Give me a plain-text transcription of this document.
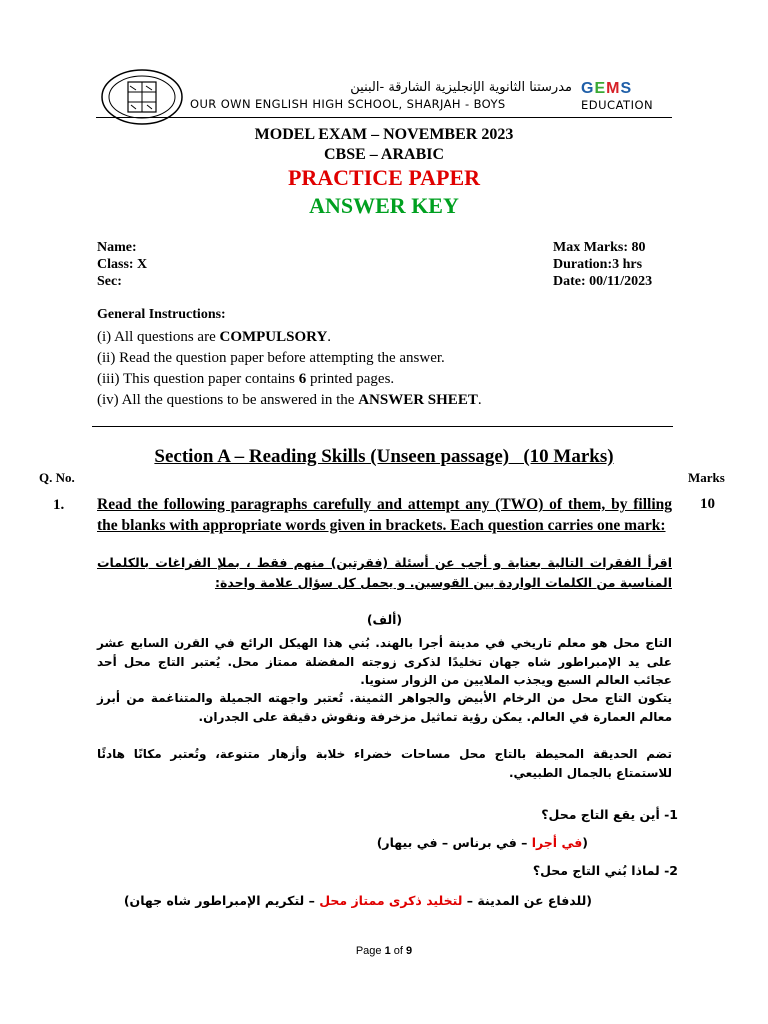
مدرستنا الثانوية الإنجليزية الشارقة -البنين
OUR OWN ENGLISH HIGH SCHOOL, SHARJAH - BOYS
GEMS
EDUCATION
MODEL EXAM – NOVEMBER 2023
CBSE – ARABIC
PRACTICE PAPER
ANSWER KEY
Name:
Class: X
Sec:
Max Marks: 80
Duration:3 hrs
Date: 00/11/2023
General Instructions:
(i) All questions are COMPULSORY.
(ii) Read the question paper before attempting the answer.
(iii) This question paper contains 6 printed pages.
(iv) All the questions to be answered in the ANSWER SHEET.
Section A – Reading Skills (Unseen passage)   (10 Marks)
Q. No.	Marks
1.	10
Read the following paragraphs carefully and attempt any (TWO) of them, by filling the blanks with appropriate words given in brackets. Each question carries one mark:
اقرأ الفقرات التالية بعناية و أجب عن أسئلة (فقرتين) منهم فقط ، بملإ الفراغات بالكلمات المناسبة من الكلمات الواردة بين القوسين. و يحمل كل سؤال علامة واحدة:
(ألف)
التاج محل هو معلم تاريخي في مدينة أجرا بالهند. بُني هذا الهيكل الرائع في القرن السابع عشر على يد الإمبراطور شاه جهان تخليدًا لذكرى زوجته المفضلة ممتاز محل. يُعتبر التاج محل أحد عجائب العالم السبع ويجذب الملايين من الزوار سنويا.
يتكون التاج محل من الرخام الأبيض والجواهر الثمينة. تُعتبر واجهته الجميلة والمتناغمة من أبرز معالم العمارة في العالم. يمكن رؤية تماثيل مزخرفة ونقوش دقيقة على الجدران.
تضم الحديقة المحيطة بالتاج محل مساحات خضراء خلابة وأزهار متنوعة، وتُعتبر مكانًا هادئًا للاستمتاع بالجمال الطبيعي.
1- أين يقع التاج محل؟
(في أجرا – في برناس – في بيهار)
2- لماذا بُني التاج محل؟
(للدفاع عن المدينة – لتخليد ذكرى ممتاز محل – لتكريم الإمبراطور شاه جهان)
Page 1 of 9
